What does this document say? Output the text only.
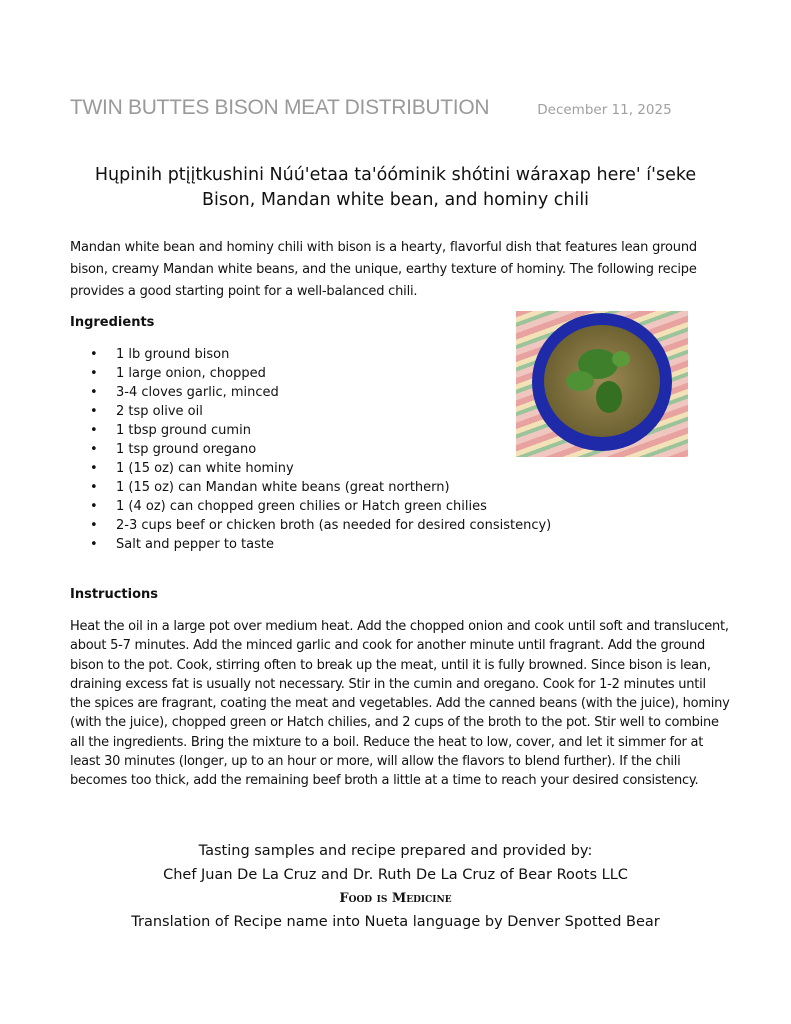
TWIN BUTTES BISON MEAT DISTRIBUTION	December 11, 2025
Hųpinih ptįįtkushini Núú'etaa ta'óóminik shótini wáraxap here' í'seke
Bison, Mandan white bean, and hominy chili
Mandan white bean and hominy chili with bison is a hearty, flavorful dish that features lean ground bison, creamy Mandan white beans, and the unique, earthy texture of hominy. The following recipe provides a good starting point for a well-balanced chili.
Ingredients
• 1 lb ground bison
• 1 large onion, chopped
• 3-4 cloves garlic, minced
• 2 tsp olive oil
• 1 tbsp ground cumin
• 1 tsp ground oregano
• 1 (15 oz) can white hominy
• 1 (15 oz) can Mandan white beans (great northern)
• 1 (4 oz) can chopped green chilies or Hatch green chilies
• 2-3 cups beef or chicken broth (as needed for desired consistency)
• Salt and pepper to taste
Instructions
Heat the oil in a large pot over medium heat. Add the chopped onion and cook until soft and translucent, about 5-7 minutes. Add the minced garlic and cook for another minute until fragrant. Add the ground bison to the pot. Cook, stirring often to break up the meat, until it is fully browned. Since bison is lean, draining excess fat is usually not necessary. Stir in the cumin and oregano. Cook for 1-2 minutes until the spices are fragrant, coating the meat and vegetables. Add the canned beans (with the juice), hominy (with the juice), chopped green or Hatch chilies, and 2 cups of the broth to the pot. Stir well to combine all the ingredients. Bring the mixture to a boil. Reduce the heat to low, cover, and let it simmer for at least 30 minutes (longer, up to an hour or more, will allow the flavors to blend further). If the chili becomes too thick, add the remaining beef broth a little at a time to reach your desired consistency.
Tasting samples and recipe prepared and provided by:
Chef Juan De La Cruz and Dr. Ruth De La Cruz of Bear Roots LLC
Food is Medicine
Translation of Recipe name into Nueta language by Denver Spotted Bear
